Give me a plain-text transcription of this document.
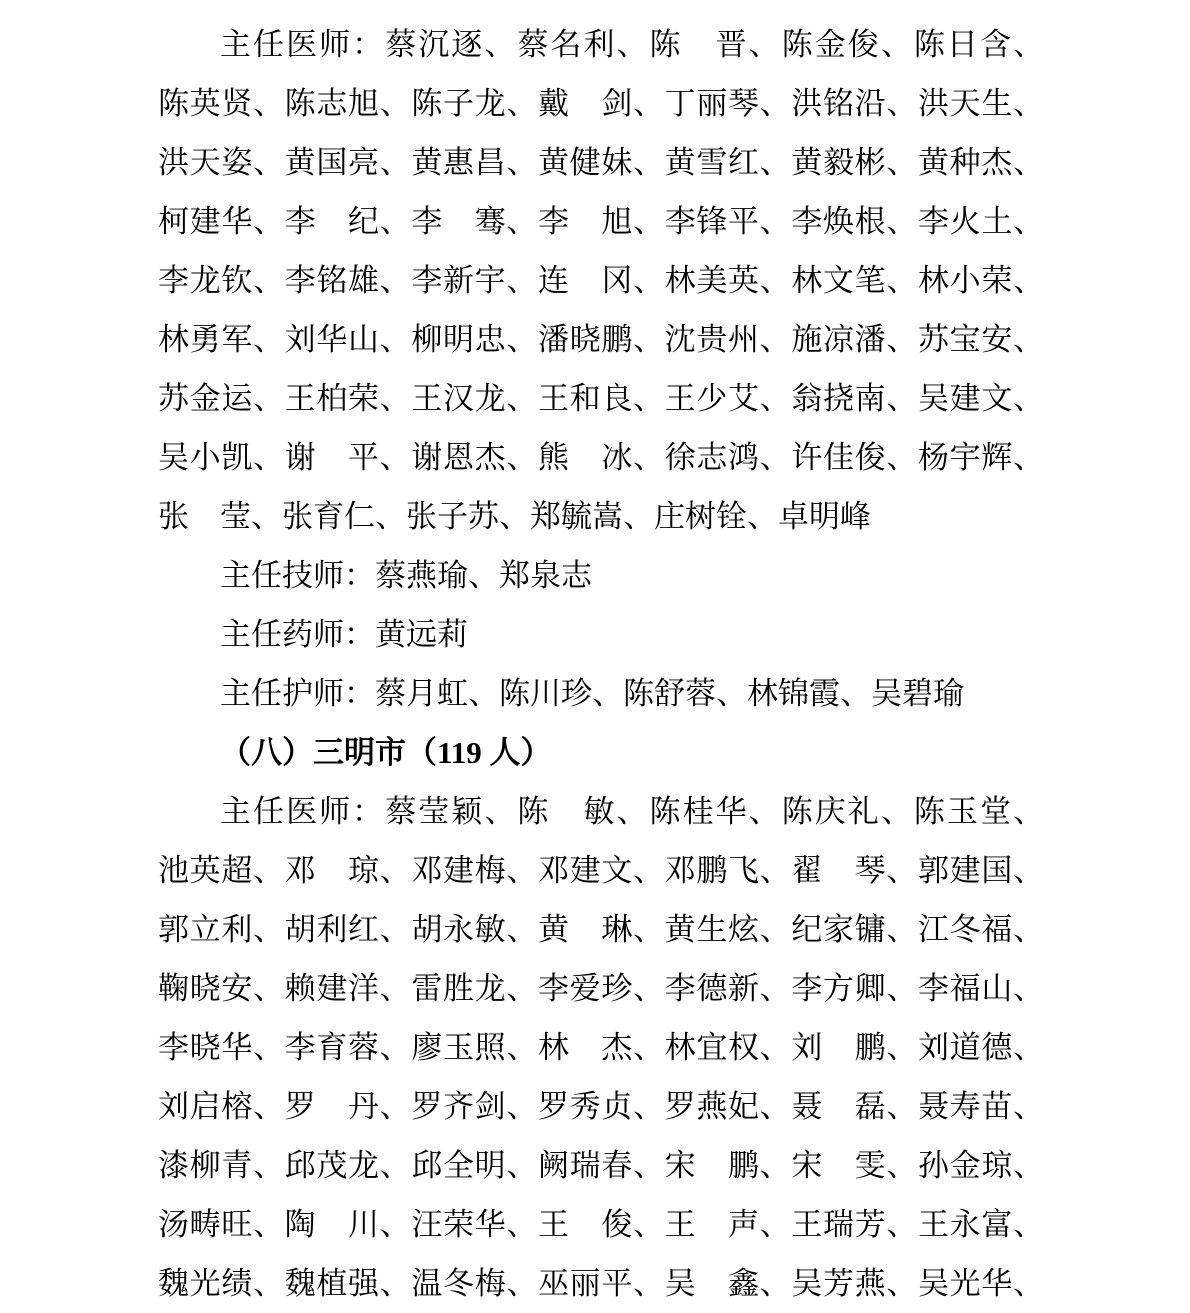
主任医师：蔡沉逐、蔡名利、陈　晋、陈金俊、陈日含、

陈英贤、陈志旭、陈子龙、戴　剑、丁丽琴、洪铭沿、洪天生、

洪天姿、黄国亮、黄惠昌、黄健妹、黄雪红、黄毅彬、黄种杰、

柯建华、李　纪、李　骞、李　旭、李锋平、李焕根、李火土、

李龙钦、李铭雄、李新宇、连　冈、林美英、林文笔、林小荣、

林勇军、刘华山、柳明忠、潘晓鹏、沈贵州、施凉潘、苏宝安、

苏金运、王柏荣、王汉龙、王和良、王少艾、翁挠南、吴建文、

吴小凯、谢　平、谢恩杰、熊　冰、徐志鸿、许佳俊、杨宇辉、

张　莹、张育仁、张子苏、郑毓嵩、庄树铨、卓明峰

主任技师：蔡燕瑜、郑泉志

主任药师：黄远莉

主任护师：蔡月虹、陈川珍、陈舒蓉、林锦霞、吴碧瑜

（八）三明市（119 人）

主任医师：蔡莹颖、陈　敏、陈桂华、陈庆礼、陈玉堂、

池英超、邓　琼、邓建梅、邓建文、邓鹏飞、翟　琴、郭建国、

郭立利、胡利红、胡永敏、黄　琳、黄生炫、纪家镛、江冬福、

鞠晓安、赖建洋、雷胜龙、李爱珍、李德新、李方卿、李福山、

李晓华、李育蓉、廖玉照、林　杰、林宜权、刘　鹏、刘道德、

刘启榕、罗　丹、罗齐剑、罗秀贞、罗燕妃、聂　磊、聂寿苗、

漆柳青、邱茂龙、邱全明、阙瑞春、宋　鹏、宋　雯、孙金琼、

汤畴旺、陶　川、汪荣华、王　俊、王　声、王瑞芳、王永富、

魏光绩、魏植强、温冬梅、巫丽平、吴　鑫、吴芳燕、吴光华、
